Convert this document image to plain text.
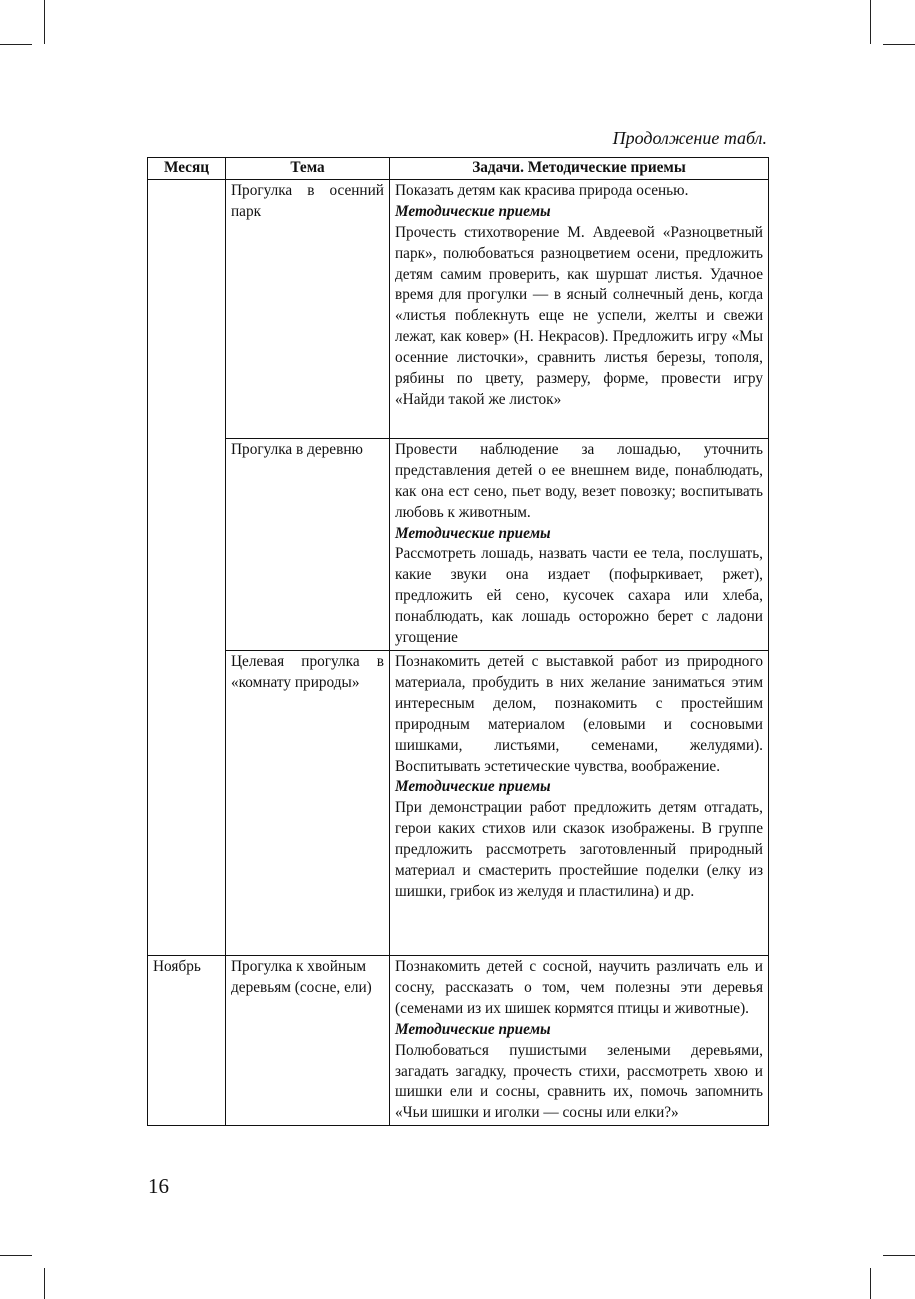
Продолжение табл.
Месяц	Тема	Задачи. Методические приемы
	Прогулка в осенний парк	Показать детям как красива природа осенью.
Методические приемы
Прочесть стихотворение М. Авдеевой «Разноцветный парк», полюбоваться разноцветием осени, предложить детям самим проверить, как шуршат листья. Удачное время для прогулки — в ясный солнечный день, когда «листья поблекнуть еще не успели, желты и свежи лежат, как ковер» (Н. Некрасов). Предложить игру «Мы осенние листочки», сравнить листья березы, тополя, рябины по цвету, размеру, форме, провести игру «Найди такой же листок»

	Прогулка в деревню	Провести наблюдение за лошадью, уточнить представления детей о ее внешнем виде, понаблюдать, как она ест сено, пьет воду, везет повозку; воспитывать любовь к животным.
Методические приемы
Рассмотреть лошадь, назвать части ее тела, послушать, какие звуки она издает (пофыркивает, ржет), предложить ей сено, кусочек сахара или хлеба, понаблюдать, как лошадь осторожно берет с ладони угощение

	Целевая прогулка в «комнату природы»	Познакомить детей с выставкой работ из природного материала, пробудить в них желание заниматься этим интересным делом, познакомить с простейшим природным материалом (еловыми и сосновыми шишками, листьями, семенами, желудями). Воспитывать эстетические чувства, воображение.
Методические приемы
При демонстрации работ предложить детям отгадать, герои каких стихов или сказок изображены. В группе предложить рассмотреть заготовленный природный материал и смастерить простейшие поделки (елку из шишки, грибок из желудя и пластилина) и др.

Ноябрь	Прогулка к хвойным деревьям (сосне, ели)	Познакомить детей с сосной, научить различать ель и сосну, рассказать о том, чем полезны эти деревья (семенами из их шишек кормятся птицы и животные).
Методические приемы
Полюбоваться пушистыми зелеными деревьями, загадать загадку, прочесть стихи, рассмотреть хвою и шишки ели и сосны, сравнить их, помочь запомнить «Чьи шишки и иголки — сосны или елки?»
16
